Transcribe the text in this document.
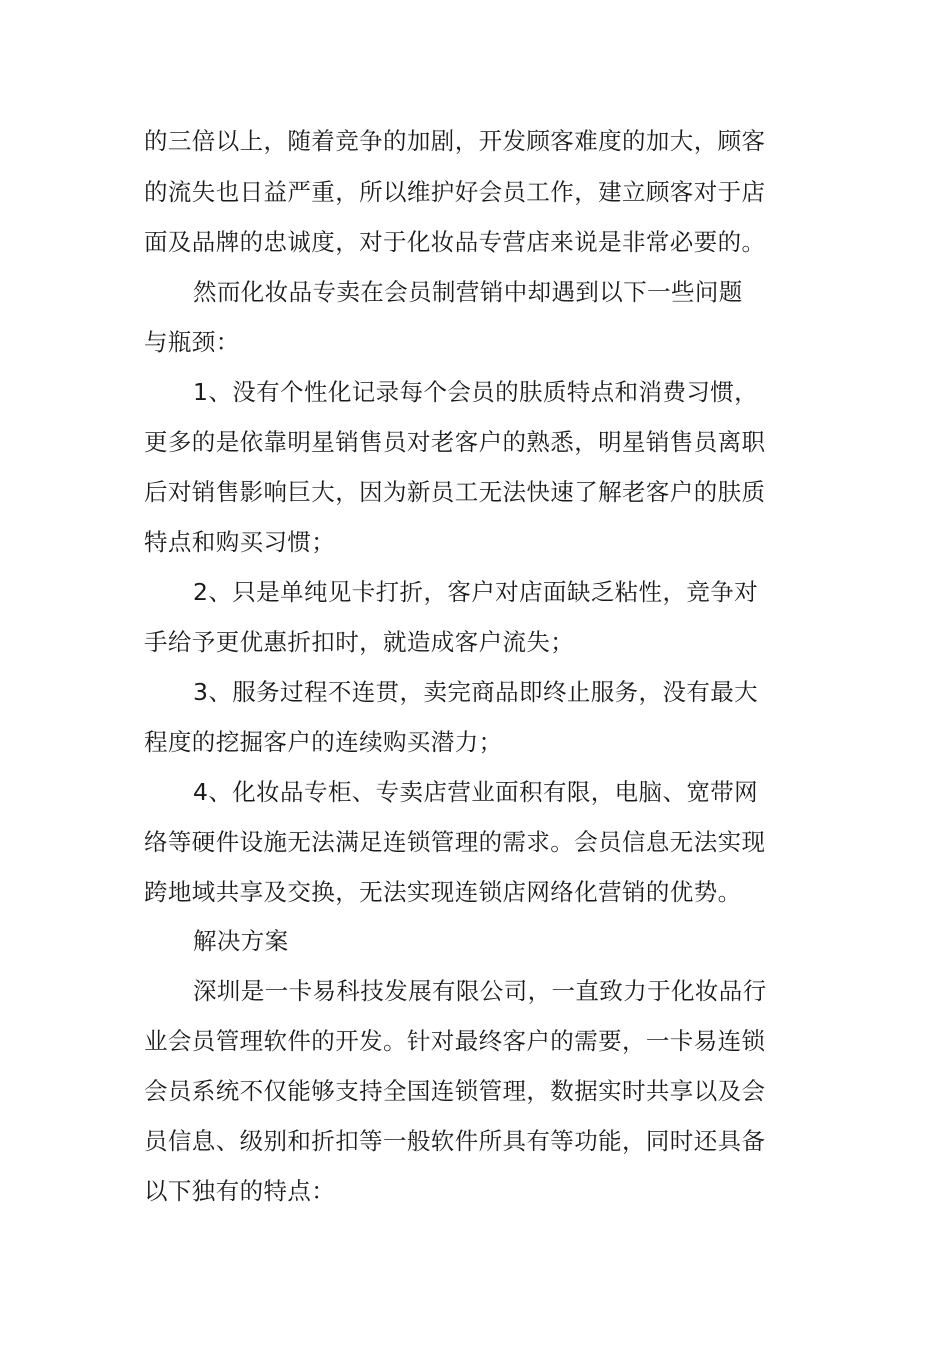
的三倍以上，随着竞争的加剧，开发顾客难度的加大，顾客
的流失也日益严重，所以维护好会员工作，建立顾客对于店
面及品牌的忠诚度，对于化妆品专营店来说是非常必要的。
然而化妆品专卖在会员制营销中却遇到以下一些问题
与瓶颈：
1、没有个性化记录每个会员的肤质特点和消费习惯，
更多的是依靠明星销售员对老客户的熟悉，明星销售员离职
后对销售影响巨大，因为新员工无法快速了解老客户的肤质
特点和购买习惯；
2、只是单纯见卡打折，客户对店面缺乏粘性，竞争对
手给予更优惠折扣时，就造成客户流失；
3、服务过程不连贯，卖完商品即终止服务，没有最大
程度的挖掘客户的连续购买潜力；
4、化妆品专柜、专卖店营业面积有限，电脑、宽带网
络等硬件设施无法满足连锁管理的需求。会员信息无法实现
跨地域共享及交换，无法实现连锁店网络化营销的优势。
解决方案
深圳是一卡易科技发展有限公司，一直致力于化妆品行
业会员管理软件的开发。针对最终客户的需要，一卡易连锁
会员系统不仅能够支持全国连锁管理，数据实时共享以及会
员信息、级别和折扣等一般软件所具有等功能，同时还具备
以下独有的特点：
